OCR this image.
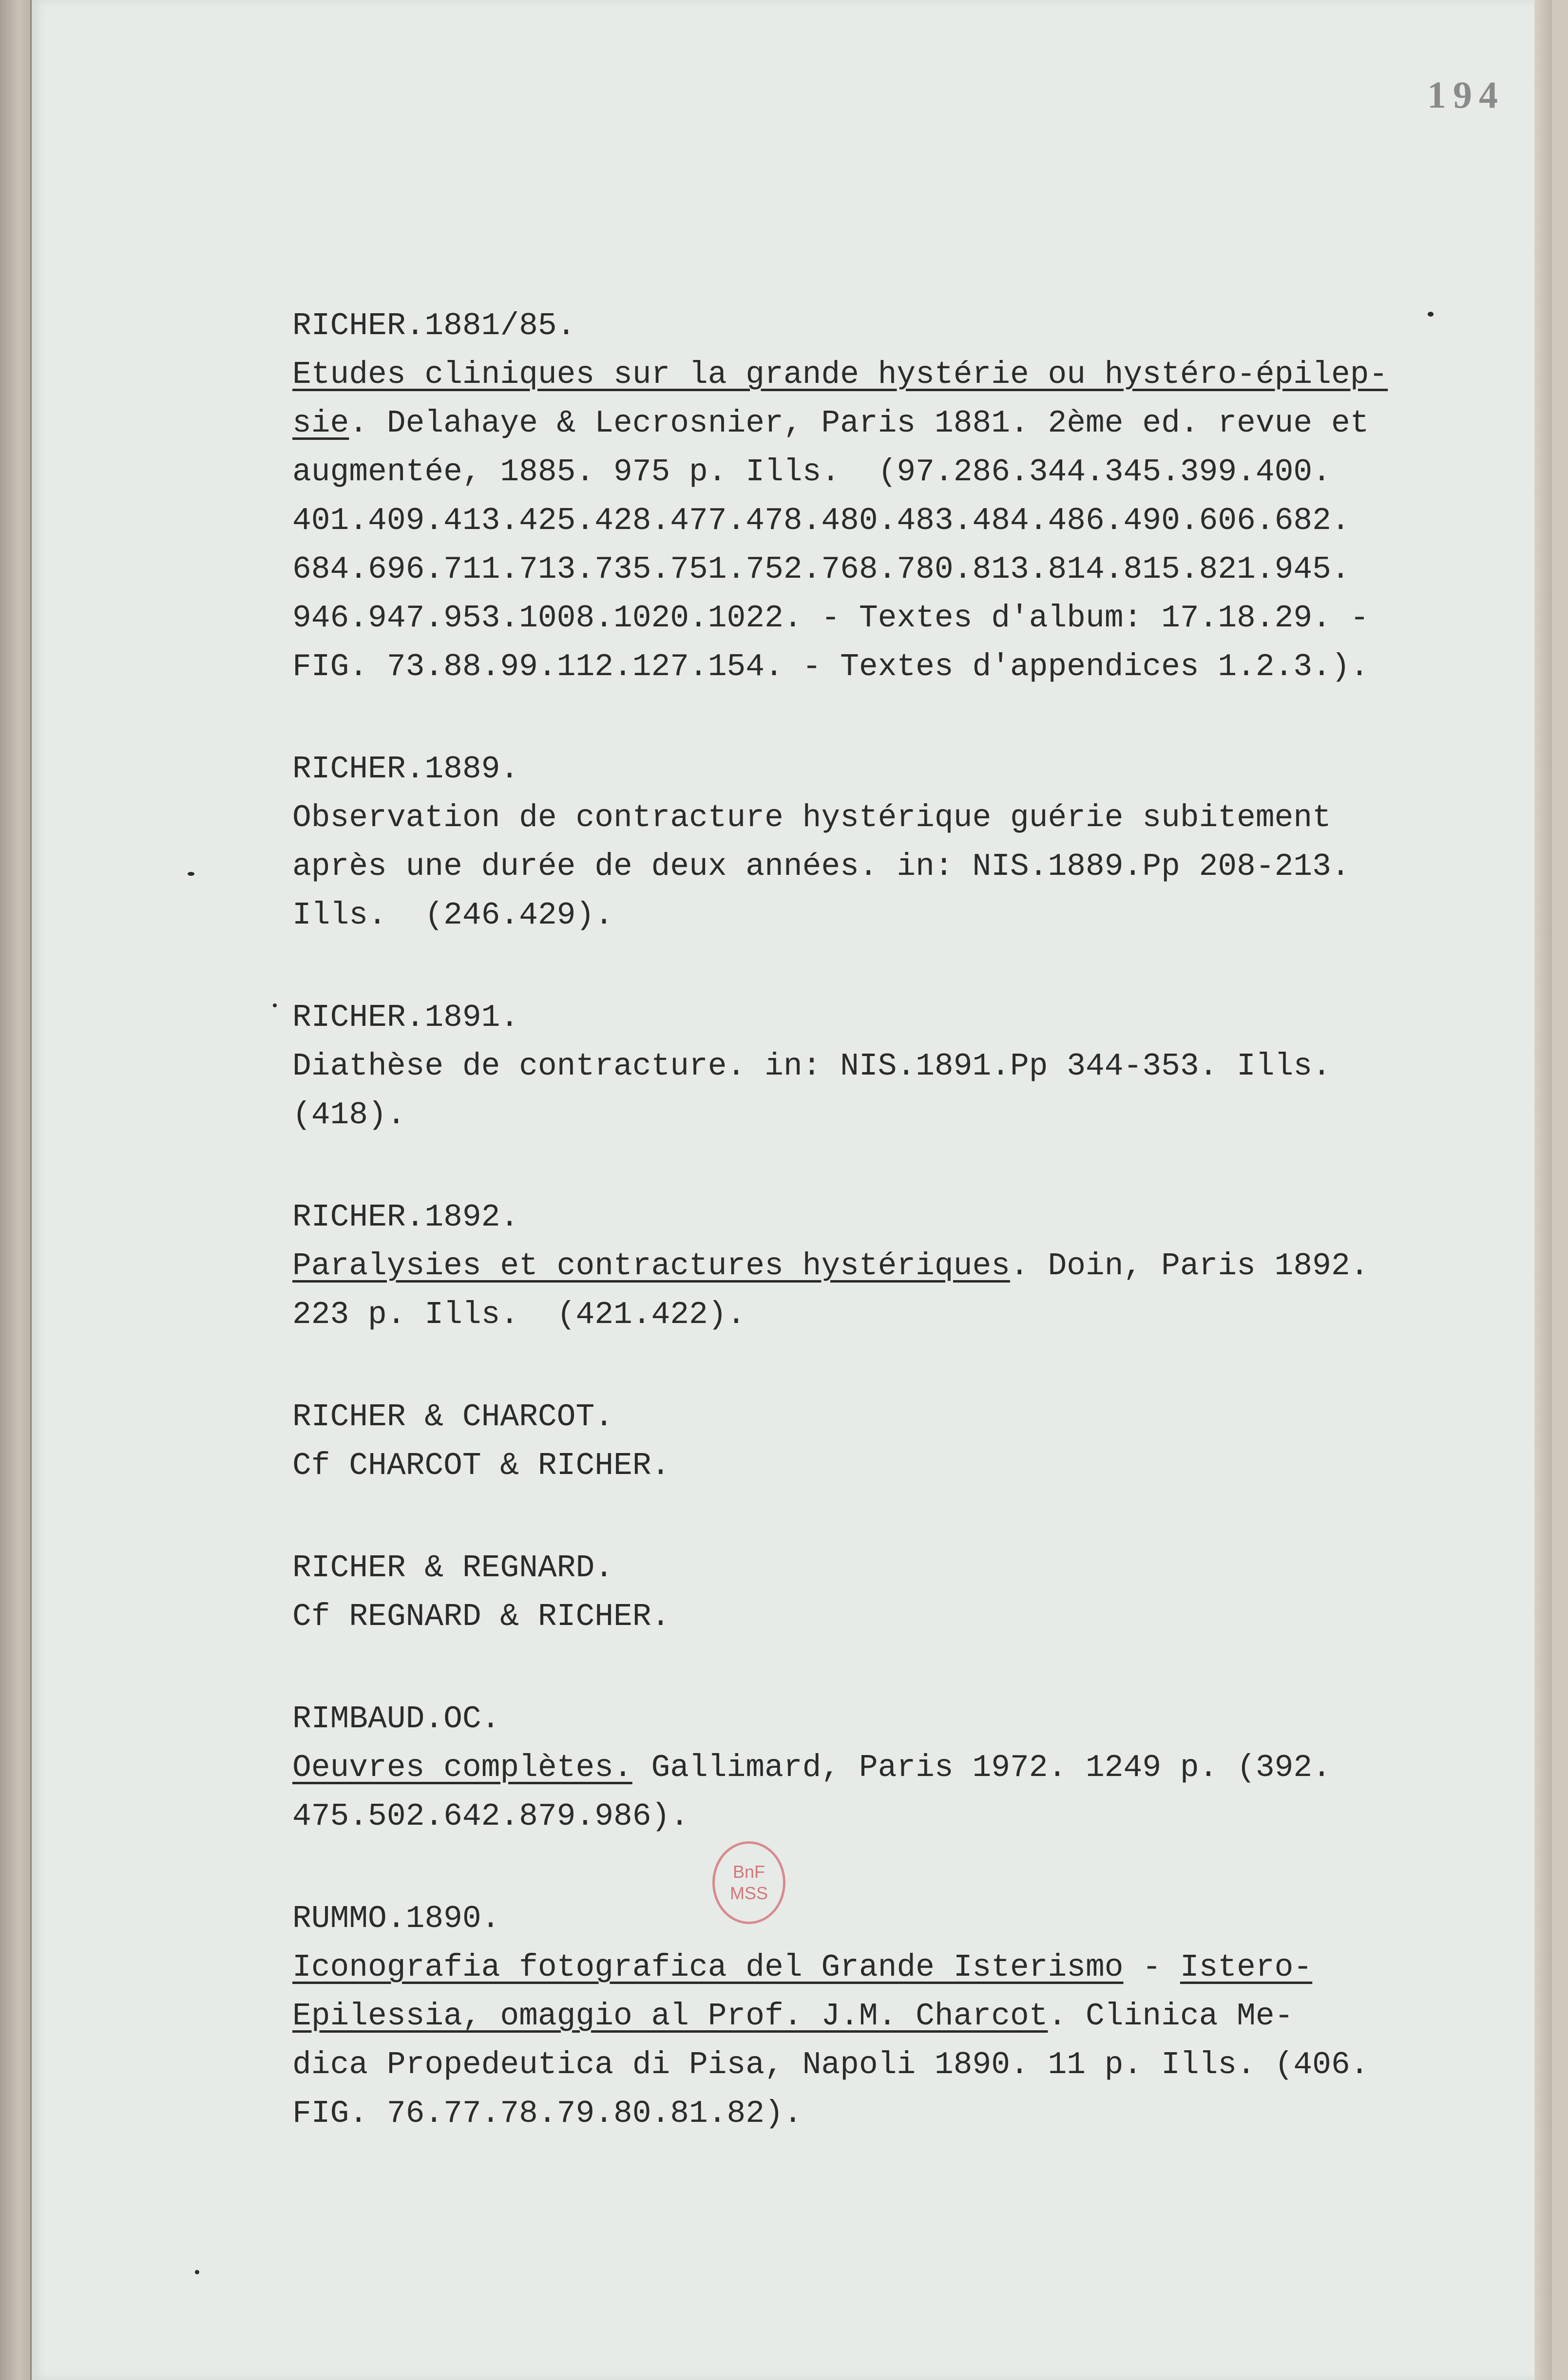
194
RICHER.1881/85.
Etudes cliniques sur la grande hystérie ou hystéro-épilep-
sie. Delahaye & Lecrosnier, Paris 1881. 2ème ed. revue et
augmentée, 1885. 975 p. Ills.  (97.286.344.345.399.400.
401.409.413.425.428.477.478.480.483.484.486.490.606.682.
684.696.711.713.735.751.752.768.780.813.814.815.821.945.
946.947.953.1008.1020.1022. - Textes d'album: 17.18.29. -
FIG. 73.88.99.112.127.154. - Textes d'appendices 1.2.3.).
RICHER.1889.
Observation de contracture hystérique guérie subitement
après une durée de deux années. in: NIS.1889.Pp 208-213.
Ills.  (246.429).
RICHER.1891.
Diathèse de contracture. in: NIS.1891.Pp 344-353. Ills.
(418).
RICHER.1892.
Paralysies et contractures hystériques. Doin, Paris 1892.
223 p. Ills.  (421.422).
RICHER & CHARCOT.
Cf CHARCOT & RICHER.
RICHER & REGNARD.
Cf REGNARD & RICHER.
RIMBAUD.OC.
Oeuvres complètes. Gallimard, Paris 1972. 1249 p. (392.
475.502.642.879.986).
RUMMO.1890.
Iconografia fotografica del Grande Isterismo - Istero-
Epilessia, omaggio al Prof. J.M. Charcot. Clinica Me-
dica Propedeutica di Pisa, Napoli 1890. 11 p. Ills. (406.
FIG. 76.77.78.79.80.81.82).
BnF
MSS
